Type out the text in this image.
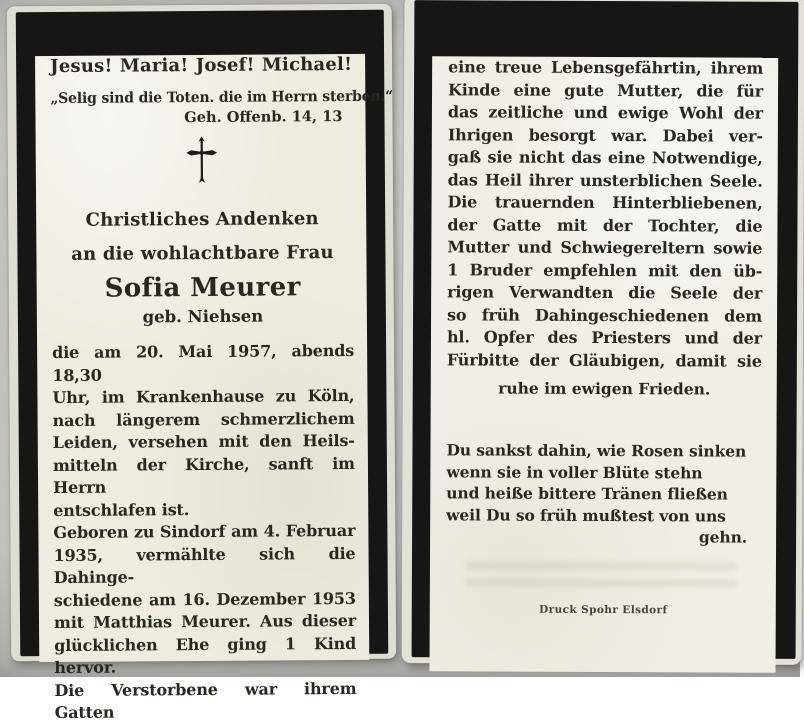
Jesus! Maria! Josef! Michael!
„Selig sind die Toten. die im Herrn sterben.“
Geh. Offenb. 14, 13
Christliches Andenken
an die wohlachtbare Frau
Sofia Meurer
geb. Niehsen
die am 20. Mai 1957, abends 18,30
Uhr, im Krankenhause zu Köln,
nach längerem schmerzlichem
Leiden, versehen mit den Heils-
mitteln der Kirche, sanft im Herrn
entschlafen ist.
Geboren zu Sindorf am 4. Februar
1935, vermählte sich die Dahinge-
schiedene am 16. Dezember 1953
mit Matthias Meurer. Aus dieser
glücklichen Ehe ging 1 Kind hervor.
Die Verstorbene war ihrem Gatten
eine treue Lebensgefährtin, ihrem
Kinde eine gute Mutter, die für
das zeitliche und ewige Wohl der
Ihrigen besorgt war. Dabei ver-
gaß sie nicht das eine Notwendige,
das Heil ihrer unsterblichen Seele.
Die trauernden Hinterbliebenen,
der Gatte mit der Tochter, die
Mutter und Schwiegereltern sowie
1 Bruder empfehlen mit den üb-
rigen Verwandten die Seele der
so früh Dahingeschiedenen dem
hl. Opfer des Priesters und der
Fürbitte der Gläubigen, damit sie
ruhe im ewigen Frieden.
Du sankst dahin, wie Rosen sinken
wenn sie in voller Blüte stehn
und heiße bittere Tränen fließen
weil Du so früh mußtest von uns
gehn.
Druck Spohr Elsdorf
